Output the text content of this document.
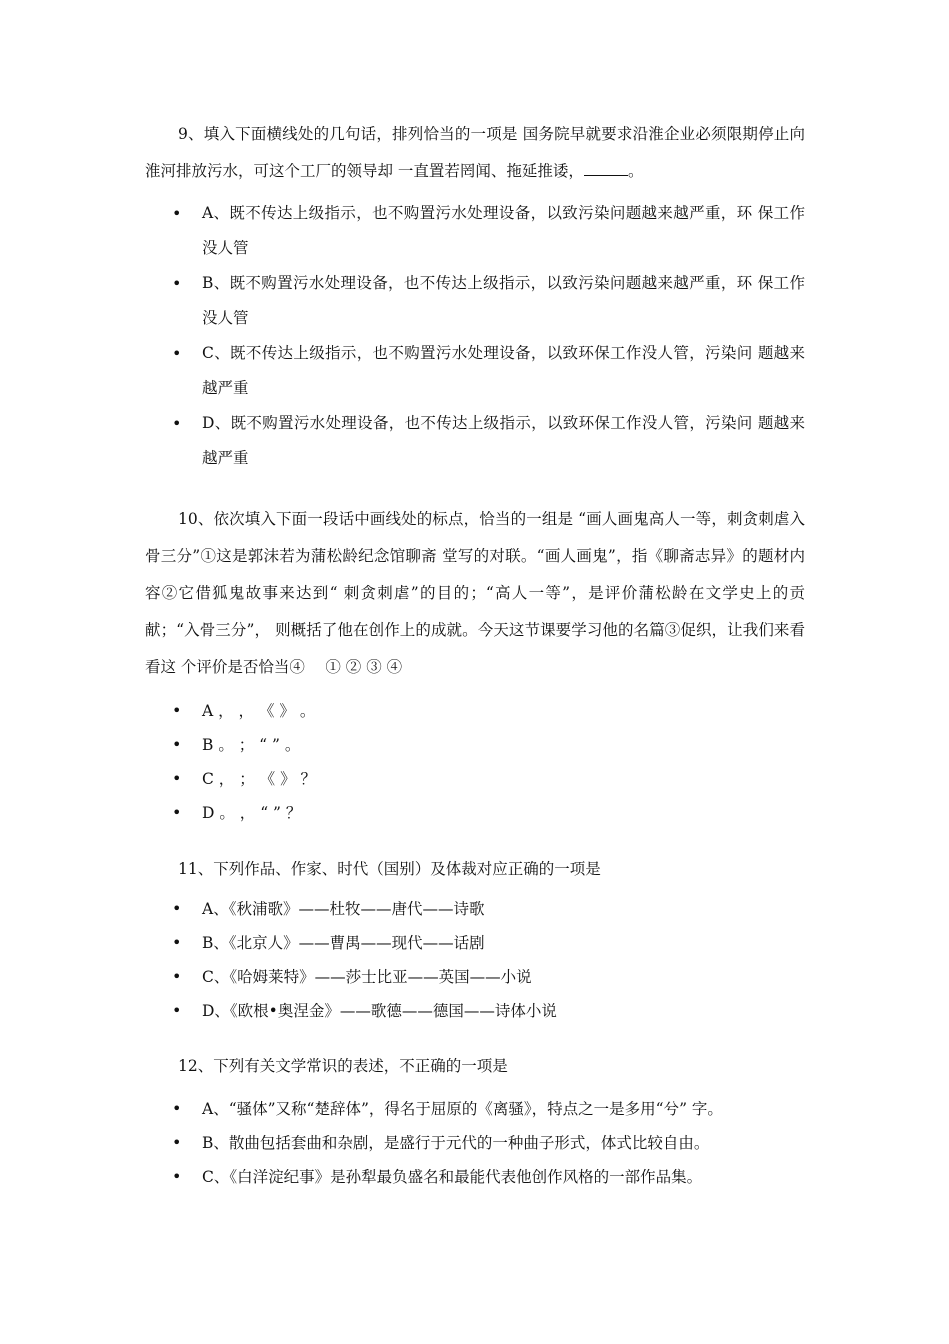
9、填入下面横线处的几句话，排列恰当的一项是 国务院早就要求沿淮企业必须限期停止向淮河排放污水，可这个工厂的领导却 一直置若罔闻、拖延推诿，	。

• A、既不传达上级指示，也不购置污水处理设备，以致污染问题越来越严重，环 保工作没人管
• B、既不购置污水处理设备，也不传达上级指示，以致污染问题越来越严重，环 保工作没人管
• C、既不传达上级指示，也不购置污水处理设备，以致环保工作没人管，污染问 题越来越严重
• D、既不购置污水处理设备，也不传达上级指示，以致环保工作没人管，污染问 题越来越严重

10、依次填入下面一段话中画线处的标点，恰当的一组是 “画人画鬼高人一等，刺贪刺虐入骨三分”①这是郭沫若为蒲松龄纪念馆聊斋 堂写的对联。“画人画鬼”，指《聊斋志异》的题材内容②它借狐鬼故事来达到“ 刺贪刺虐”的目的；“高人一等”，是评价蒲松龄在文学史上的贡献；“入骨三分”， 则概括了他在创作上的成就。今天这节课要学习他的名篇③促织，让我们来看看这 个评价是否恰当④　 ① ② ③ ④

• A ， ， 《 》 。
• B 。 ； “ ” 。
• C ， ； 《 》 ？
• D 。 ， “ ” ？

11、下列作品、作家、时代（国别）及体裁对应正确的一项是

• A、《秋浦歌》——杜牧——唐代——诗歌
• B、《北京人》——曹禺——现代——话剧
• C、《哈姆莱特》——莎士比亚——英国——小说
• D、《欧根•奥涅金》——歌德——德国——诗体小说

12、下列有关文学常识的表述，不正确的一项是

• A、“骚体”又称“楚辞体”，得名于屈原的《离骚》，特点之一是多用“兮” 字。
• B、散曲包括套曲和杂剧，是盛行于元代的一种曲子形式，体式比较自由。
• C、《白洋淀纪事》是孙犁最负盛名和最能代表他创作风格的一部作品集。
